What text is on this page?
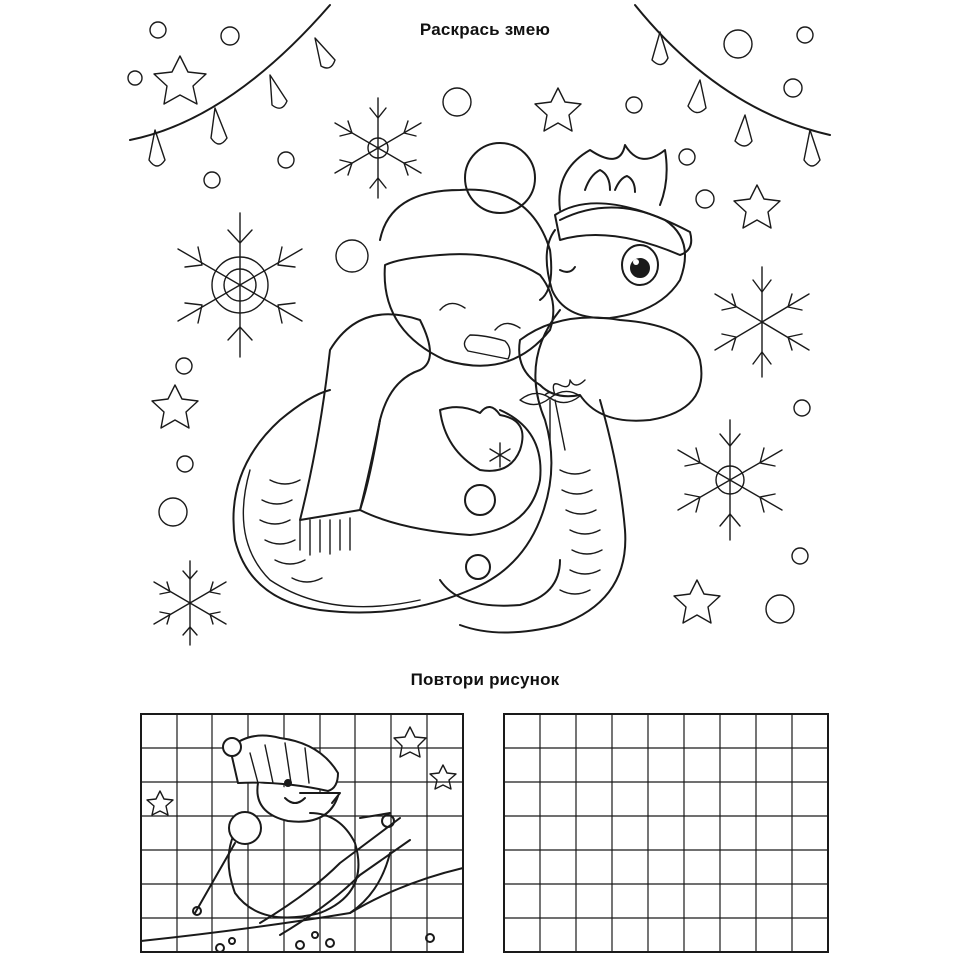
Раскрась змею
Повтори рисунок
